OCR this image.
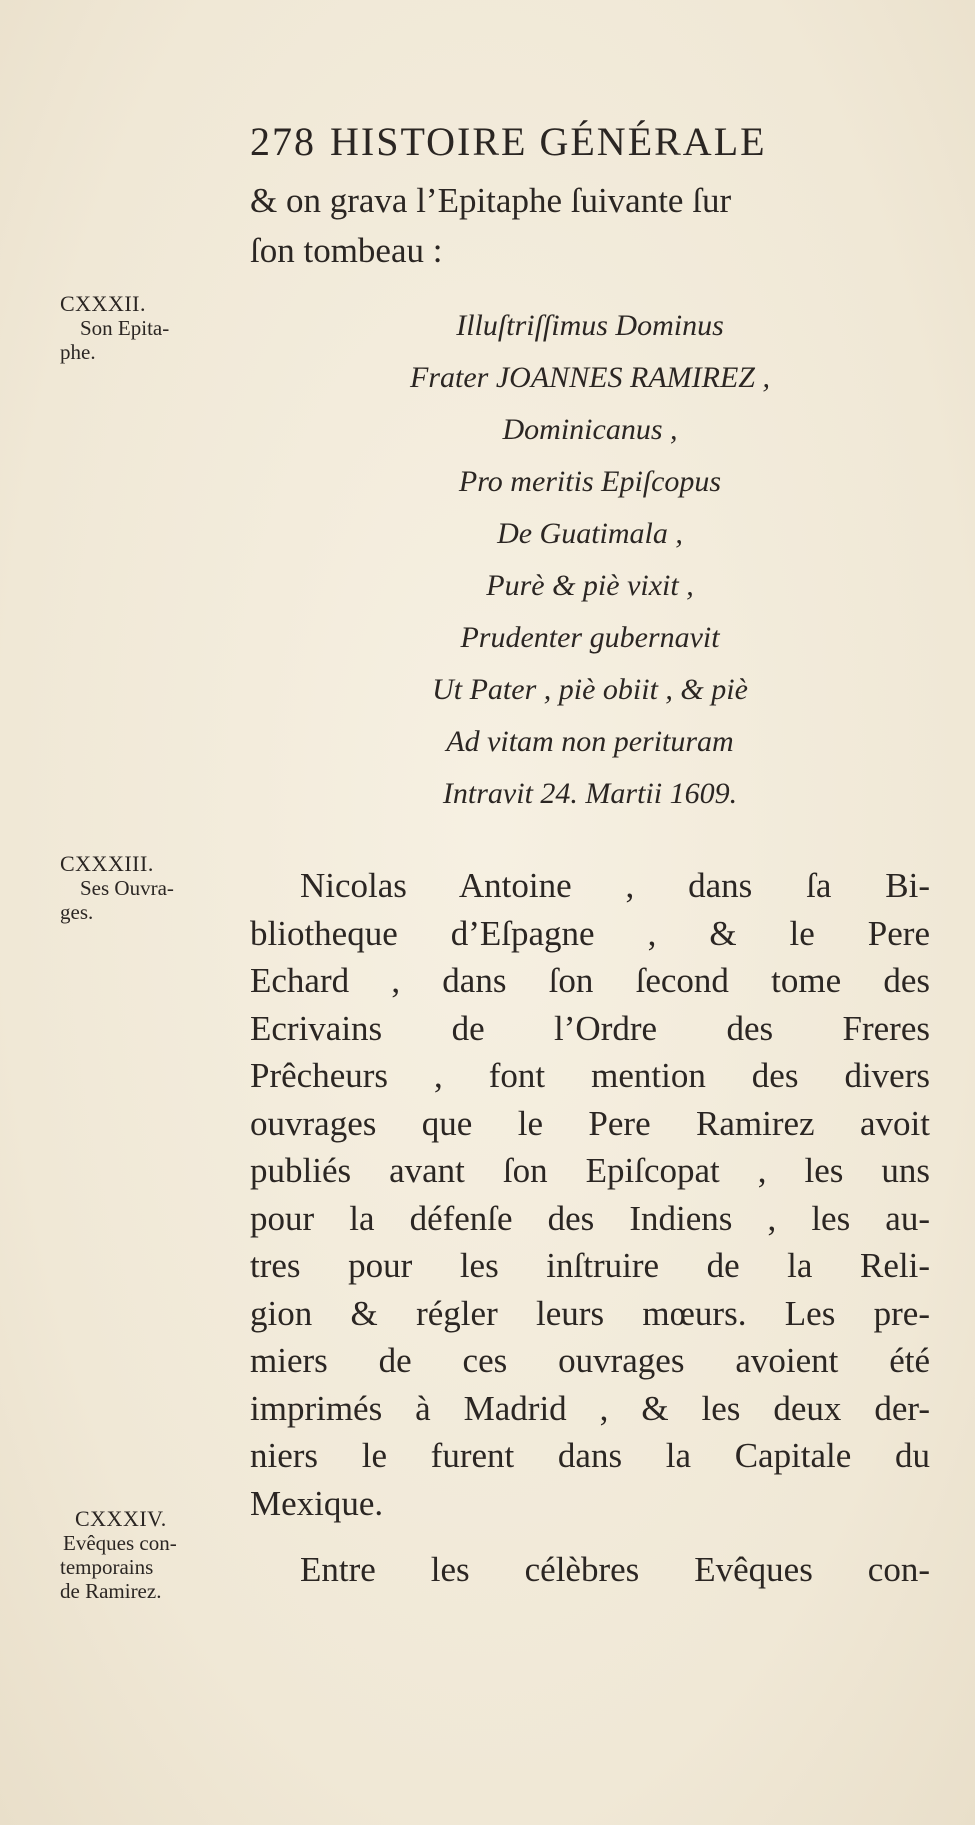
278 HISTOIRE GÉNÉRALE
& on grava l’Epitaphe ſuivante ſur
ſon tombeau :
CXXXII.
Son Epita-
phe.
Illuſtriſſimus Dominus
Frater JOANNES RAMIREZ ,
Dominicanus ,
Pro meritis Epiſcopus
De Guatimala ,
Purè & piè vixit ,
Prudenter gubernavit
Ut Pater , piè obiit , & piè
Ad vitam non perituram
Intravit 24. Martii 1609.
CXXXIII.
Ses Ouvra-
ges.
Nicolas Antoine , dans ſa Bi-
bliotheque d’Eſpagne , & le Pere
Echard , dans ſon ſecond tome des
Ecrivains de l’Ordre des Freres
Prêcheurs , font mention des divers
ouvrages que le Pere Ramirez avoit
publiés avant ſon Epiſcopat , les uns
pour la défenſe des Indiens , les au-
tres pour les inſtruire de la Reli-
gion & régler leurs mœurs. Les pre-
miers de ces ouvrages avoient été
imprimés à Madrid , & les deux der-
niers le furent dans la Capitale du
Mexique.
CXXXIV.
Evêques con-
temporains
de Ramirez.
Entre les célèbres Evêques con-
